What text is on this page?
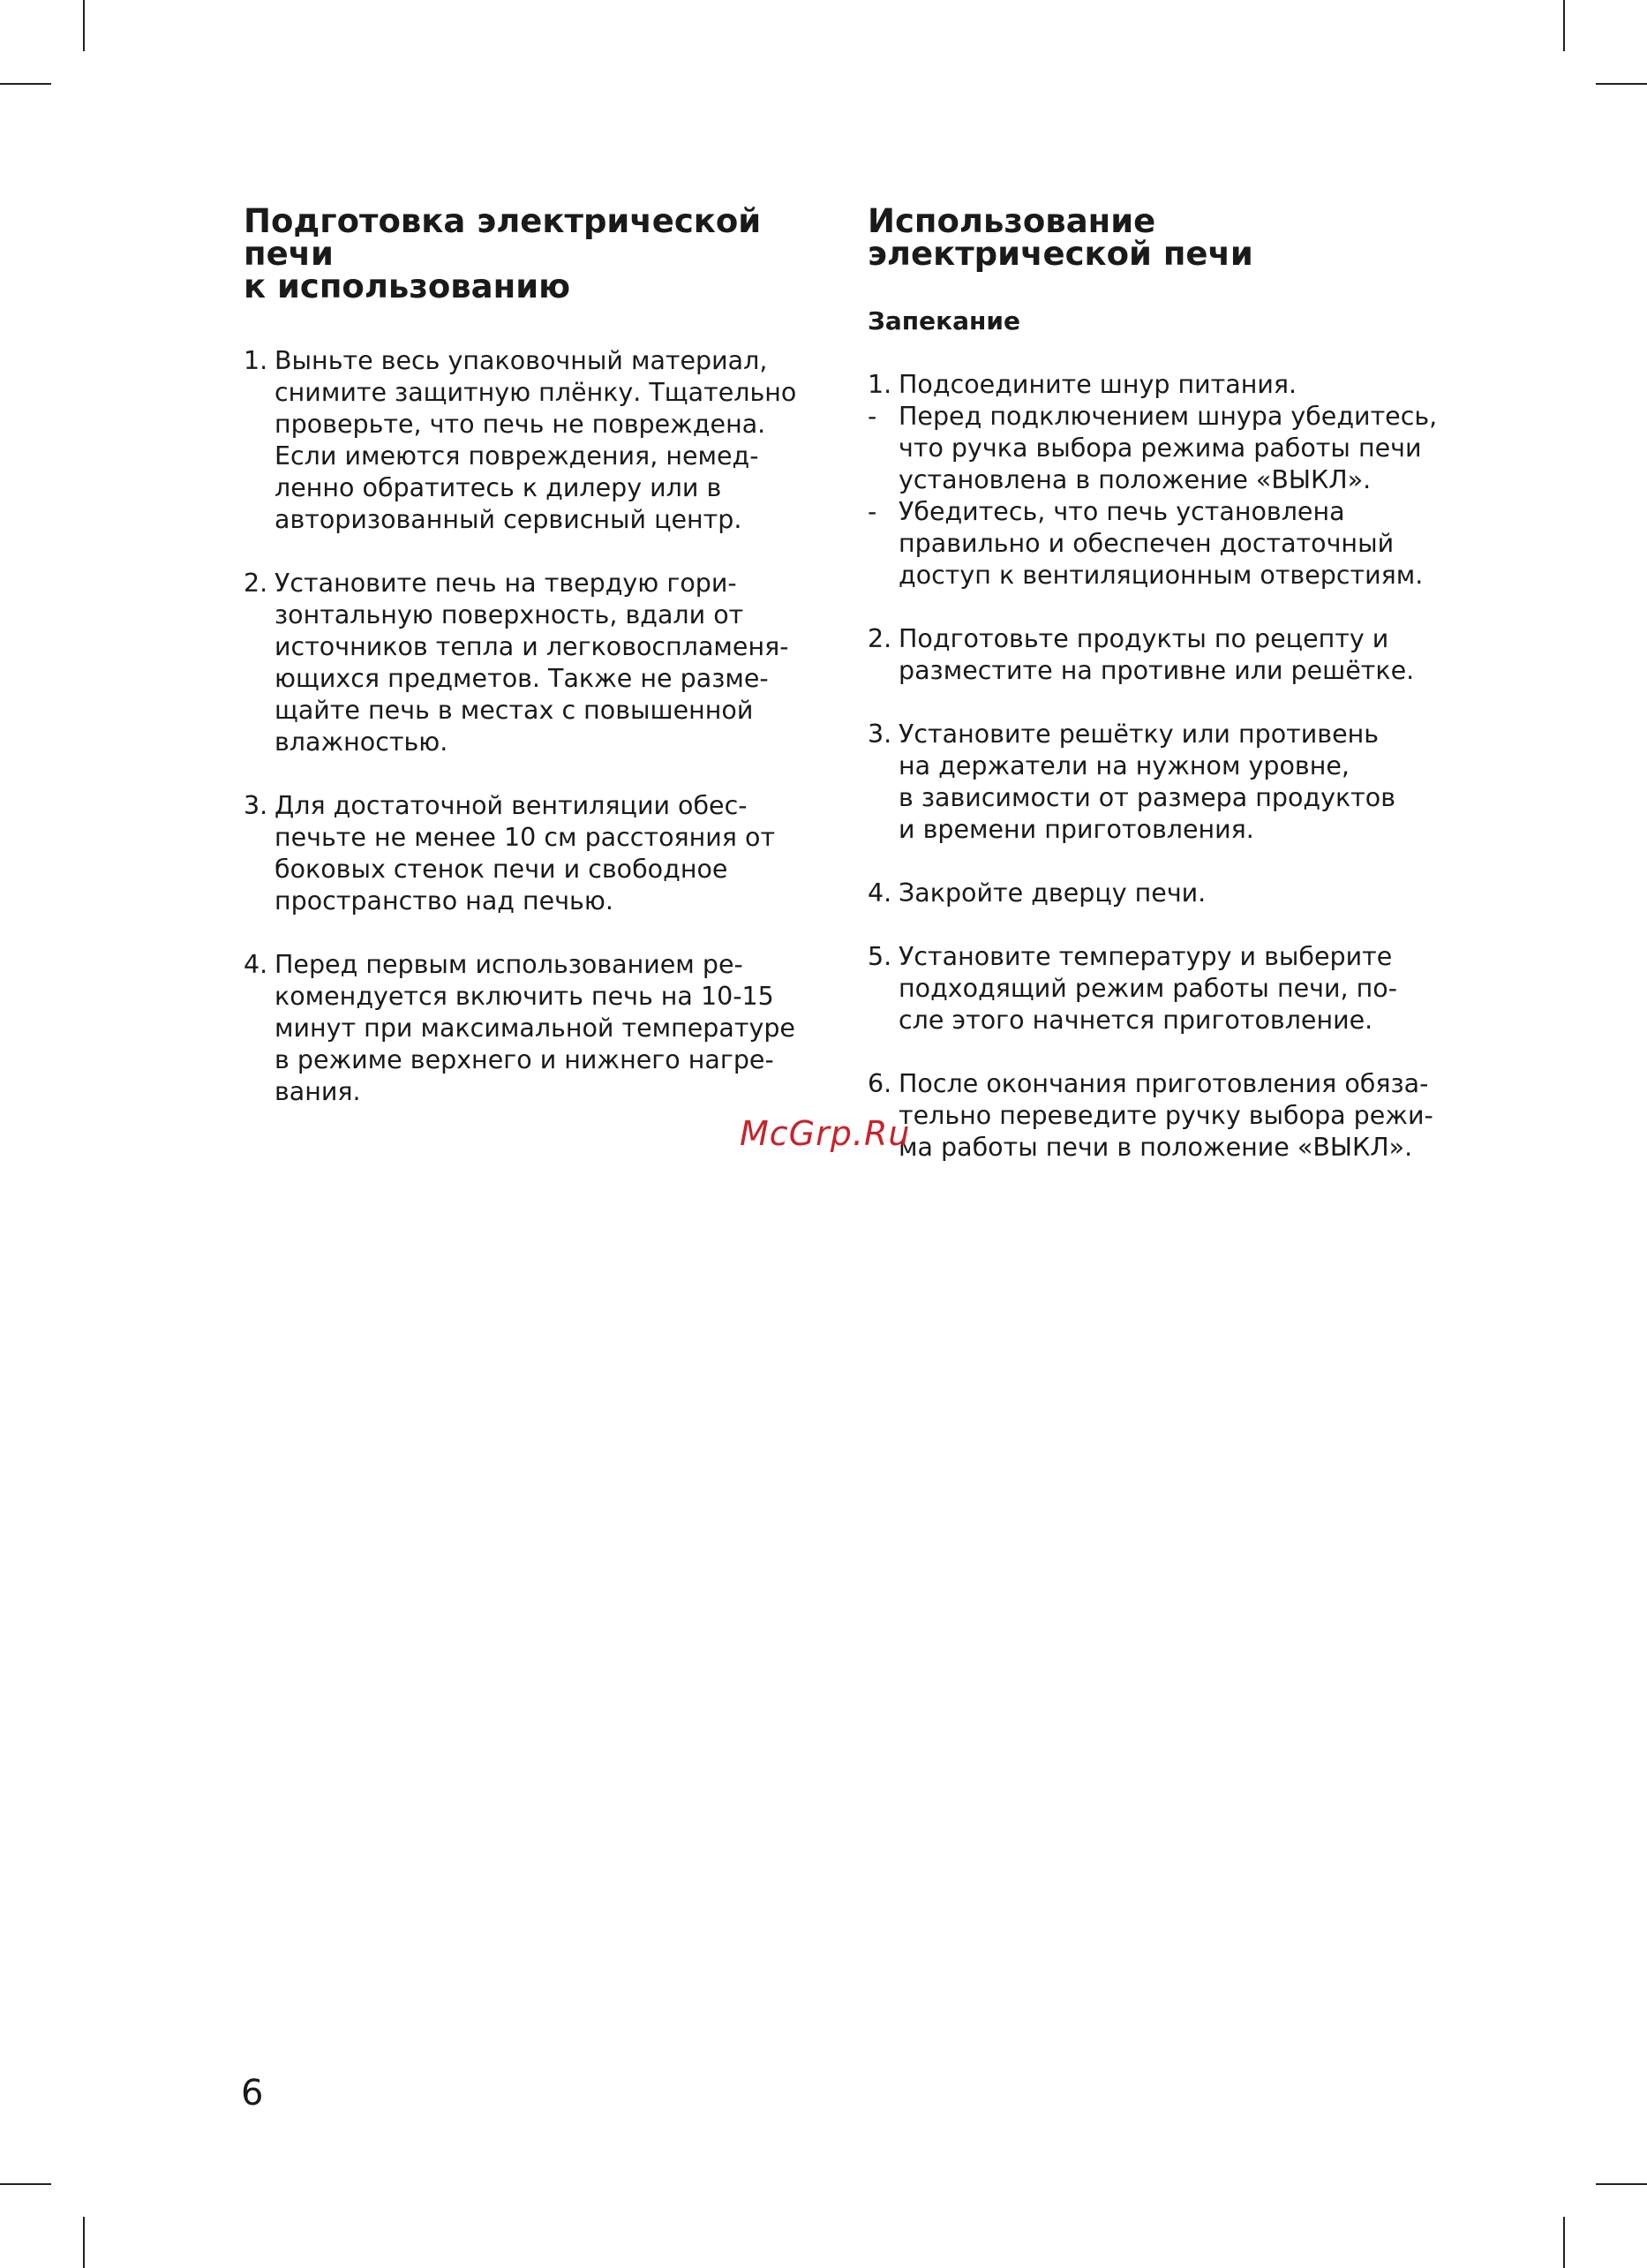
Подготовка электрической печи
к использованию
1. Выньте весь упаковочный материал,
снимите защитную плёнку. Тщательно
проверьте, что печь не повреждена.
Если имеются повреждения, немед-
ленно обратитесь к дилеру или в
авторизованный сервисный центр.
2. Установите печь на твердую гори-
зонтальную поверхность, вдали от
источников тепла и легковоспламеня-
ющихся предметов. Также не разме-
щайте печь в местах с повышенной
влажностью.
3. Для достаточной вентиляции обес-
печьте не менее 10 см расстояния от
боковых стенок печи и свободное
пространство над печью.
4. Перед первым использованием ре-
комендуется включить печь на 10-15
минут при максимальной температуре
в режиме верхнего и нижнего нагре-
вания.
Использование
электрической печи
Запекание
1. Подсоедините шнур питания.
- Перед подключением шнура убедитесь,
что ручка выбора режима работы печи
установлена в положение «ВЫКЛ».
- Убедитесь, что печь установлена
правильно и обеспечен достаточный
доступ к вентиляционным отверстиям.
2. Подготовьте продукты по рецепту и
разместите на противне или решётке.
3. Установите решётку или противень
на держатели на нужном уровне,
в зависимости от размера продуктов
и времени приготовления.
4. Закройте дверцу печи.
5. Установите температуру и выберите
подходящий режим работы печи, по-
сле этого начнется приготовление.
6. После окончания приготовления обяза-
тельно переведите ручку выбора режи-
ма работы печи в положение «ВЫКЛ».
McGrp.Ru
6
